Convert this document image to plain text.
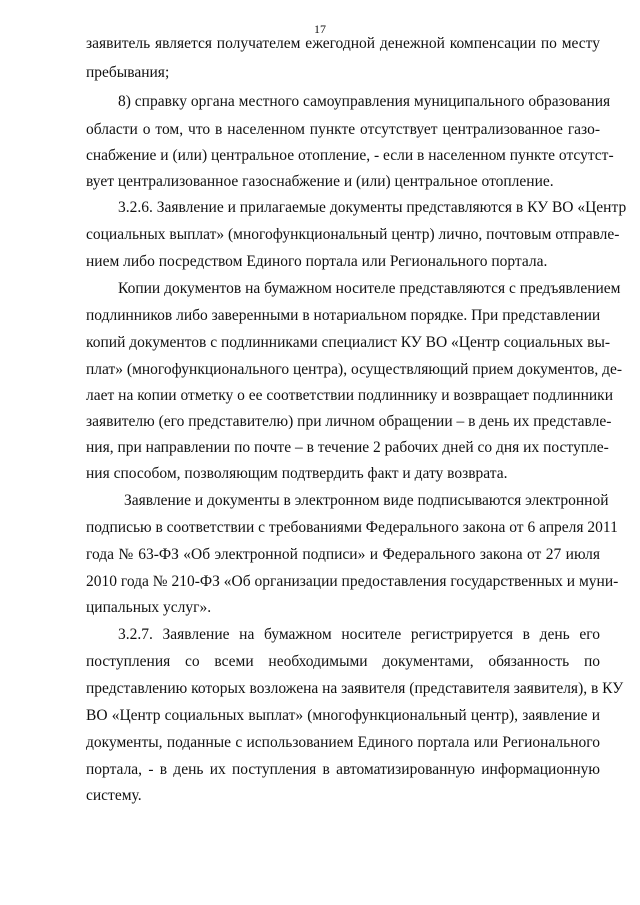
17
заявитель является получателем ежегодной денежной компенсации по месту
пребывания;
8) справку органа местного самоуправления муниципального образования
области о том, что в населенном пункте отсутствует централизованное газо-
снабжение и (или) центральное отопление, - если в населенном пункте отсутст-
вует централизованное газоснабжение и (или) центральное отопление.
3.2.6. Заявление и прилагаемые документы представляются в КУ ВО «Центр
социальных выплат» (многофункциональный центр) лично, почтовым отправле-
нием либо посредством Единого портала или Регионального портала.
Копии документов на бумажном носителе представляются с предъявлением
подлинников либо заверенными в нотариальном порядке. При представлении
копий документов с подлинниками специалист КУ ВО «Центр социальных вы-
плат» (многофункционального центра), осуществляющий прием документов, де-
лает на копии отметку о ее соответствии подлиннику и возвращает подлинники
заявителю (его представителю) при личном обращении – в день их представле-
ния, при направлении по почте – в течение 2 рабочих дней со дня их поступле-
ния способом, позволяющим подтвердить факт и дату возврата.
Заявление и документы в электронном виде подписываются электронной
подписью в соответствии с требованиями Федерального закона от 6 апреля 2011
года № 63-ФЗ «Об электронной подписи» и Федерального закона от 27 июля
2010 года № 210-ФЗ «Об организации предоставления государственных и муни-
ципальных услуг».
3.2.7. Заявление на бумажном носителе регистрируется в день его
поступления со всеми необходимыми документами, обязанность по
представлению которых возложена на заявителя (представителя заявителя), в КУ
ВО «Центр социальных выплат» (многофункциональный центр), заявление и
документы, поданные с использованием Единого портала или Регионального
портала, - в день их поступления в автоматизированную информационную
систему.
